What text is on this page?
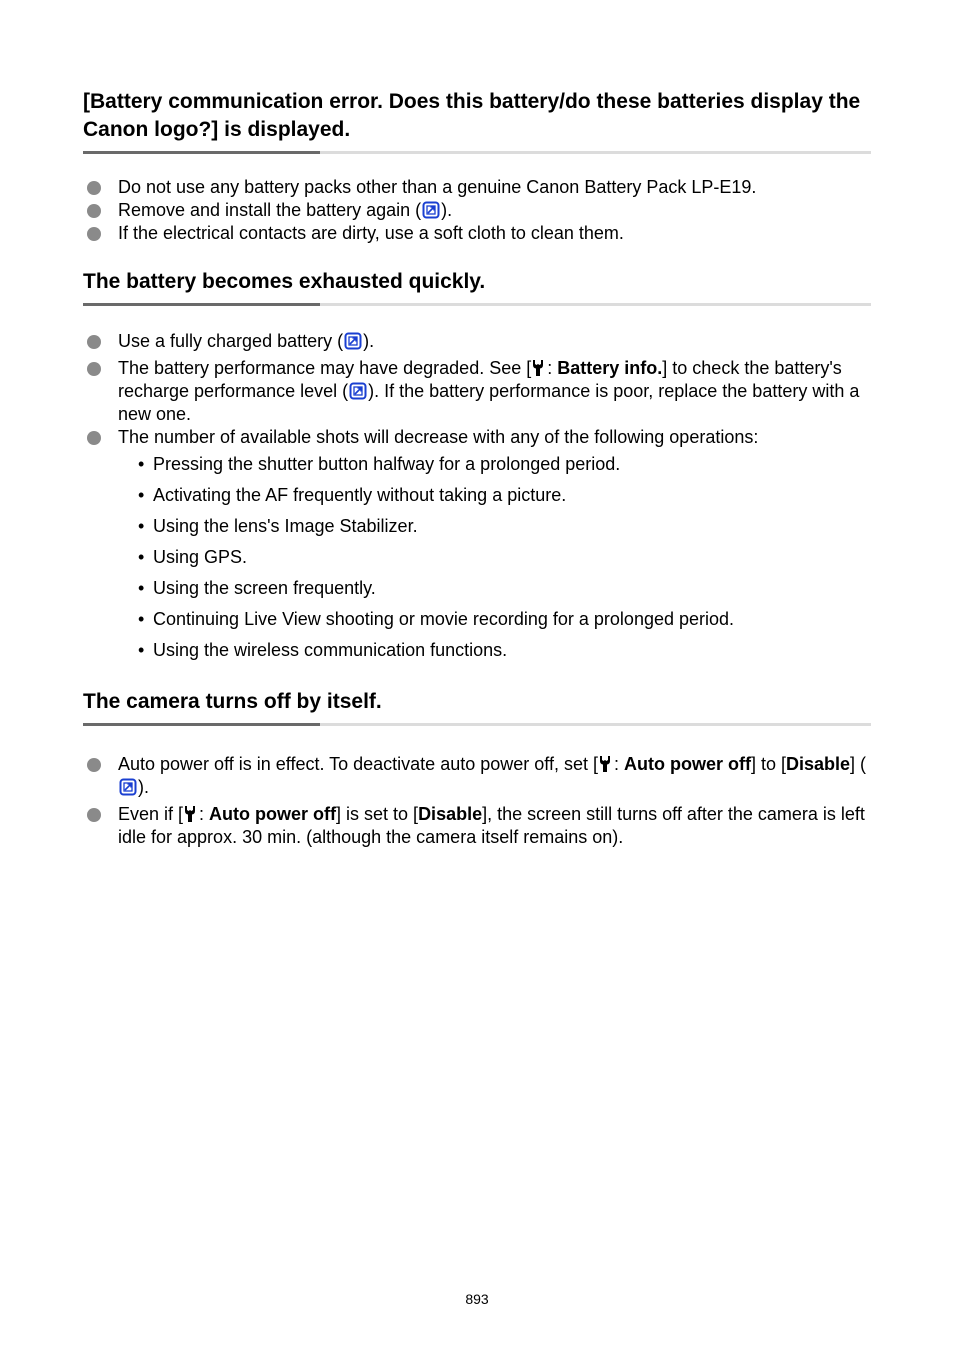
[Battery communication error. Does this battery/do these batteries display the Canon logo?] is displayed.
Do not use any battery packs other than a genuine Canon Battery Pack LP-E19.
Remove and install the battery again ( ).
If the electrical contacts are dirty, use a soft cloth to clean them.
The battery becomes exhausted quickly.
Use a fully charged battery ( ).
The battery performance may have degraded. See [ : Battery info.] to check the battery's recharge performance level ( ). If the battery performance is poor, replace the battery with a new one.
The number of available shots will decrease with any of the following operations:
• Pressing the shutter button halfway for a prolonged period.
• Activating the AF frequently without taking a picture.
• Using the lens's Image Stabilizer.
• Using GPS.
• Using the screen frequently.
• Continuing Live View shooting or movie recording for a prolonged period.
• Using the wireless communication functions.
The camera turns off by itself.
Auto power off is in effect. To deactivate auto power off, set [ : Auto power off] to [Disable] ().
Even if [ : Auto power off] is set to [Disable], the screen still turns off after the camera is left idle for approx. 30 min. (although the camera itself remains on).
893
